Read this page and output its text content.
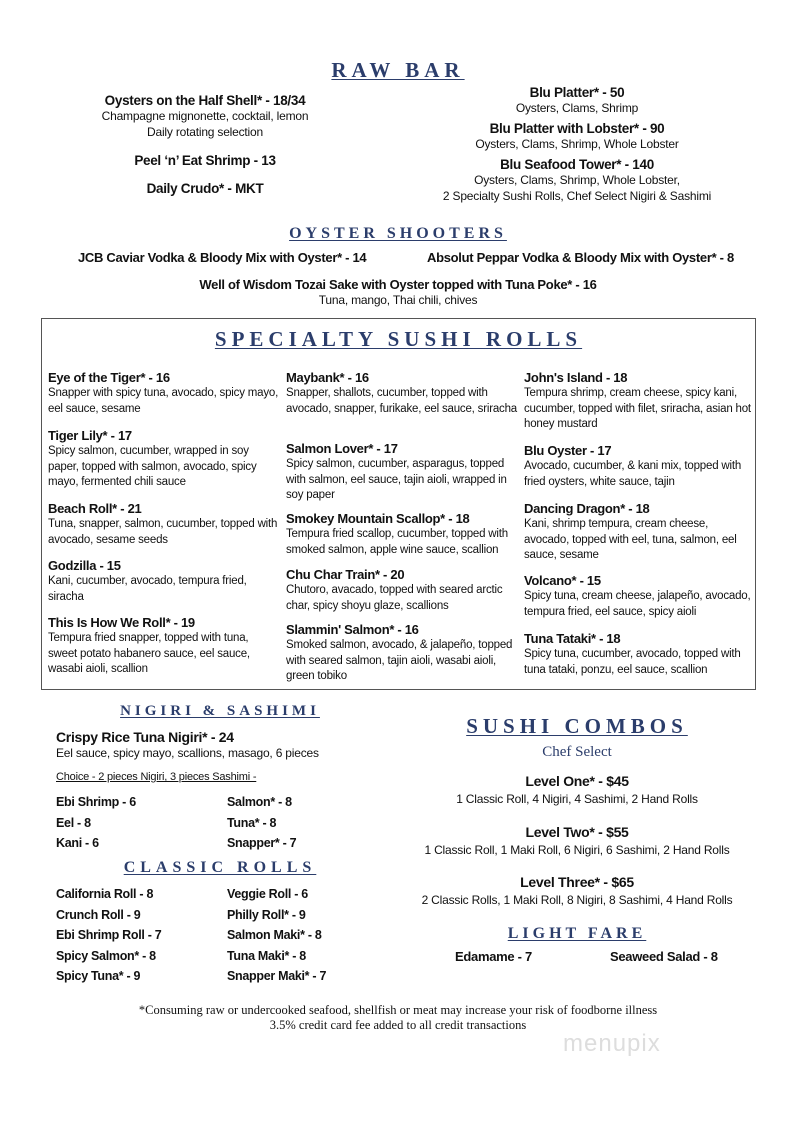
RAW BAR
Oysters on the Half Shell* - 18/34
Champagne mignonette, cocktail, lemon
Daily rotating selection
Peel ‘n’ Eat Shrimp - 13
Daily Crudo* - MKT
Blu Platter* - 50
Oysters, Clams, Shrimp
Blu Platter with Lobster* - 90
Oysters, Clams, Shrimp, Whole Lobster
Blu Seafood Tower* - 140
Oysters, Clams, Shrimp, Whole Lobster,
2 Specialty Sushi Rolls, Chef Select Nigiri & Sashimi
OYSTER SHOOTERS
JCB Caviar Vodka & Bloody Mix with Oyster* - 14	Absolut Peppar Vodka & Bloody Mix with Oyster* - 8
Well of Wisdom Tozai Sake with Oyster topped with Tuna Poke* - 16
Tuna, mango, Thai chili, chives
SPECIALTY SUSHI ROLLS
NIGIRI & SASHIMI
Crispy Rice Tuna Nigiri* - 24
Eel sauce, spicy mayo, scallions, masago, 6 pieces
Choice - 2 pieces Nigiri, 3 pieces Sashimi -
CLASSIC ROLLS
SUSHI COMBOS
Chef Select
LIGHT FARE
Edamame - 7	Seaweed Salad - 8
*Consuming raw or undercooked seafood, shellfish or meat may increase your risk of foodborne illness
3.5% credit card fee added to all credit transactions
menupix
Eye of the Tiger* - 16
Snapper with spicy tuna, avocado, spicy mayo, eel sauce, sesame
Tiger Lily* - 17
Spicy salmon, cucumber, wrapped in soy paper, topped with salmon, avocado, spicy mayo, fermented chili sauce
Beach Roll* - 21
Tuna, snapper, salmon, cucumber, topped with avocado, sesame seeds
Godzilla - 15
Kani, cucumber, avocado, tempura fried, siracha
This Is How We Roll* - 19
Tempura fried snapper, topped with tuna, sweet potato habanero sauce, eel sauce, wasabi aioli, scallion
Maybank* - 16
Snapper, shallots, cucumber, topped with avocado, snapper, furikake, eel sauce, sriracha
Salmon Lover* - 17
Spicy salmon, cucumber, asparagus, topped with salmon, eel sauce, tajin aioli, wrapped in soy paper
Smokey Mountain Scallop* - 18
Tempura fried scallop, cucumber, topped with smoked salmon, apple wine sauce, scallion
Chu Char Train* - 20
Chutoro, avacado, topped with seared arctic char, spicy shoyu glaze, scallions
Slammin' Salmon* - 16
Smoked salmon, avocado, & jalapeño, topped with seared salmon, tajin aioli, wasabi aioli, green tobiko
John's Island - 18
Tempura shrimp, cream cheese, spicy kani, cucumber, topped with filet, sriracha, asian hot honey mustard
Blu Oyster - 17
Avocado, cucumber, & kani mix, topped with fried oysters, white sauce, tajin
Dancing Dragon* - 18
Kani, shrimp tempura, cream cheese, avocado, topped with eel, tuna, salmon, eel sauce, sesame
Volcano* - 15
Spicy tuna, cream cheese, jalapeño, avocado, tempura fried, eel sauce, spicy aioli
Tuna Tataki* - 18
Spicy tuna, cucumber, avocado, topped with tuna tataki, ponzu, eel sauce, scallion
Ebi Shrimp - 6	Salmon* - 8
Eel - 8	Tuna* - 8
Kani - 6	Snapper* - 7
California Roll - 8	Veggie Roll - 6
Crunch Roll - 9	Philly Roll* - 9
Ebi Shrimp Roll - 7	Salmon Maki* - 8
Spicy Salmon* - 8	Tuna Maki* - 8
Spicy Tuna* - 9	Snapper Maki* - 7
Level One* - $45
1 Classic Roll, 4 Nigiri, 4 Sashimi, 2 Hand Rolls
Level Two* - $55
1 Classic Roll, 1 Maki Roll, 6 Nigiri, 6 Sashimi, 2 Hand Rolls
Level Three* - $65
2 Classic Rolls, 1 Maki Roll, 8 Nigiri, 8 Sashimi, 4 Hand Rolls
